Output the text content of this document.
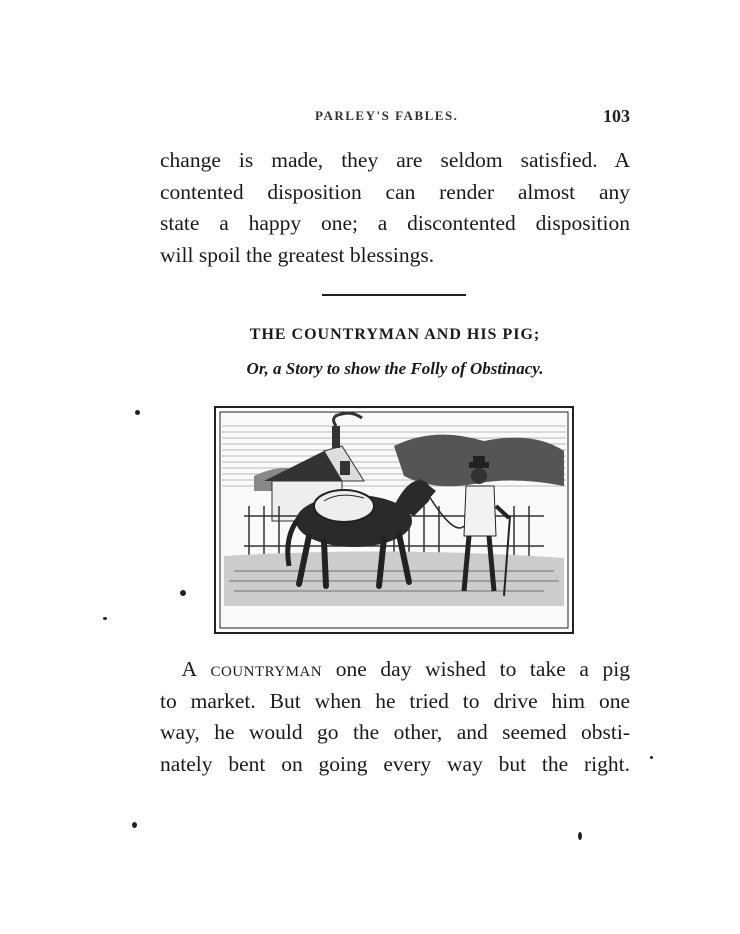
PARLEY'S FABLES.	103
change is made, they are seldom satisfied. A
contented disposition can render almost any
state a happy one; a discontented disposition
will spoil the greatest blessings.
THE COUNTRYMAN AND HIS PIG;
Or, a Story to show the Folly of Obstinacy.
 A countryman one day wished to take a pig
to market. But when he tried to drive him one
way, he would go the other, and seemed obsti-
nately bent on going every way but the right.
